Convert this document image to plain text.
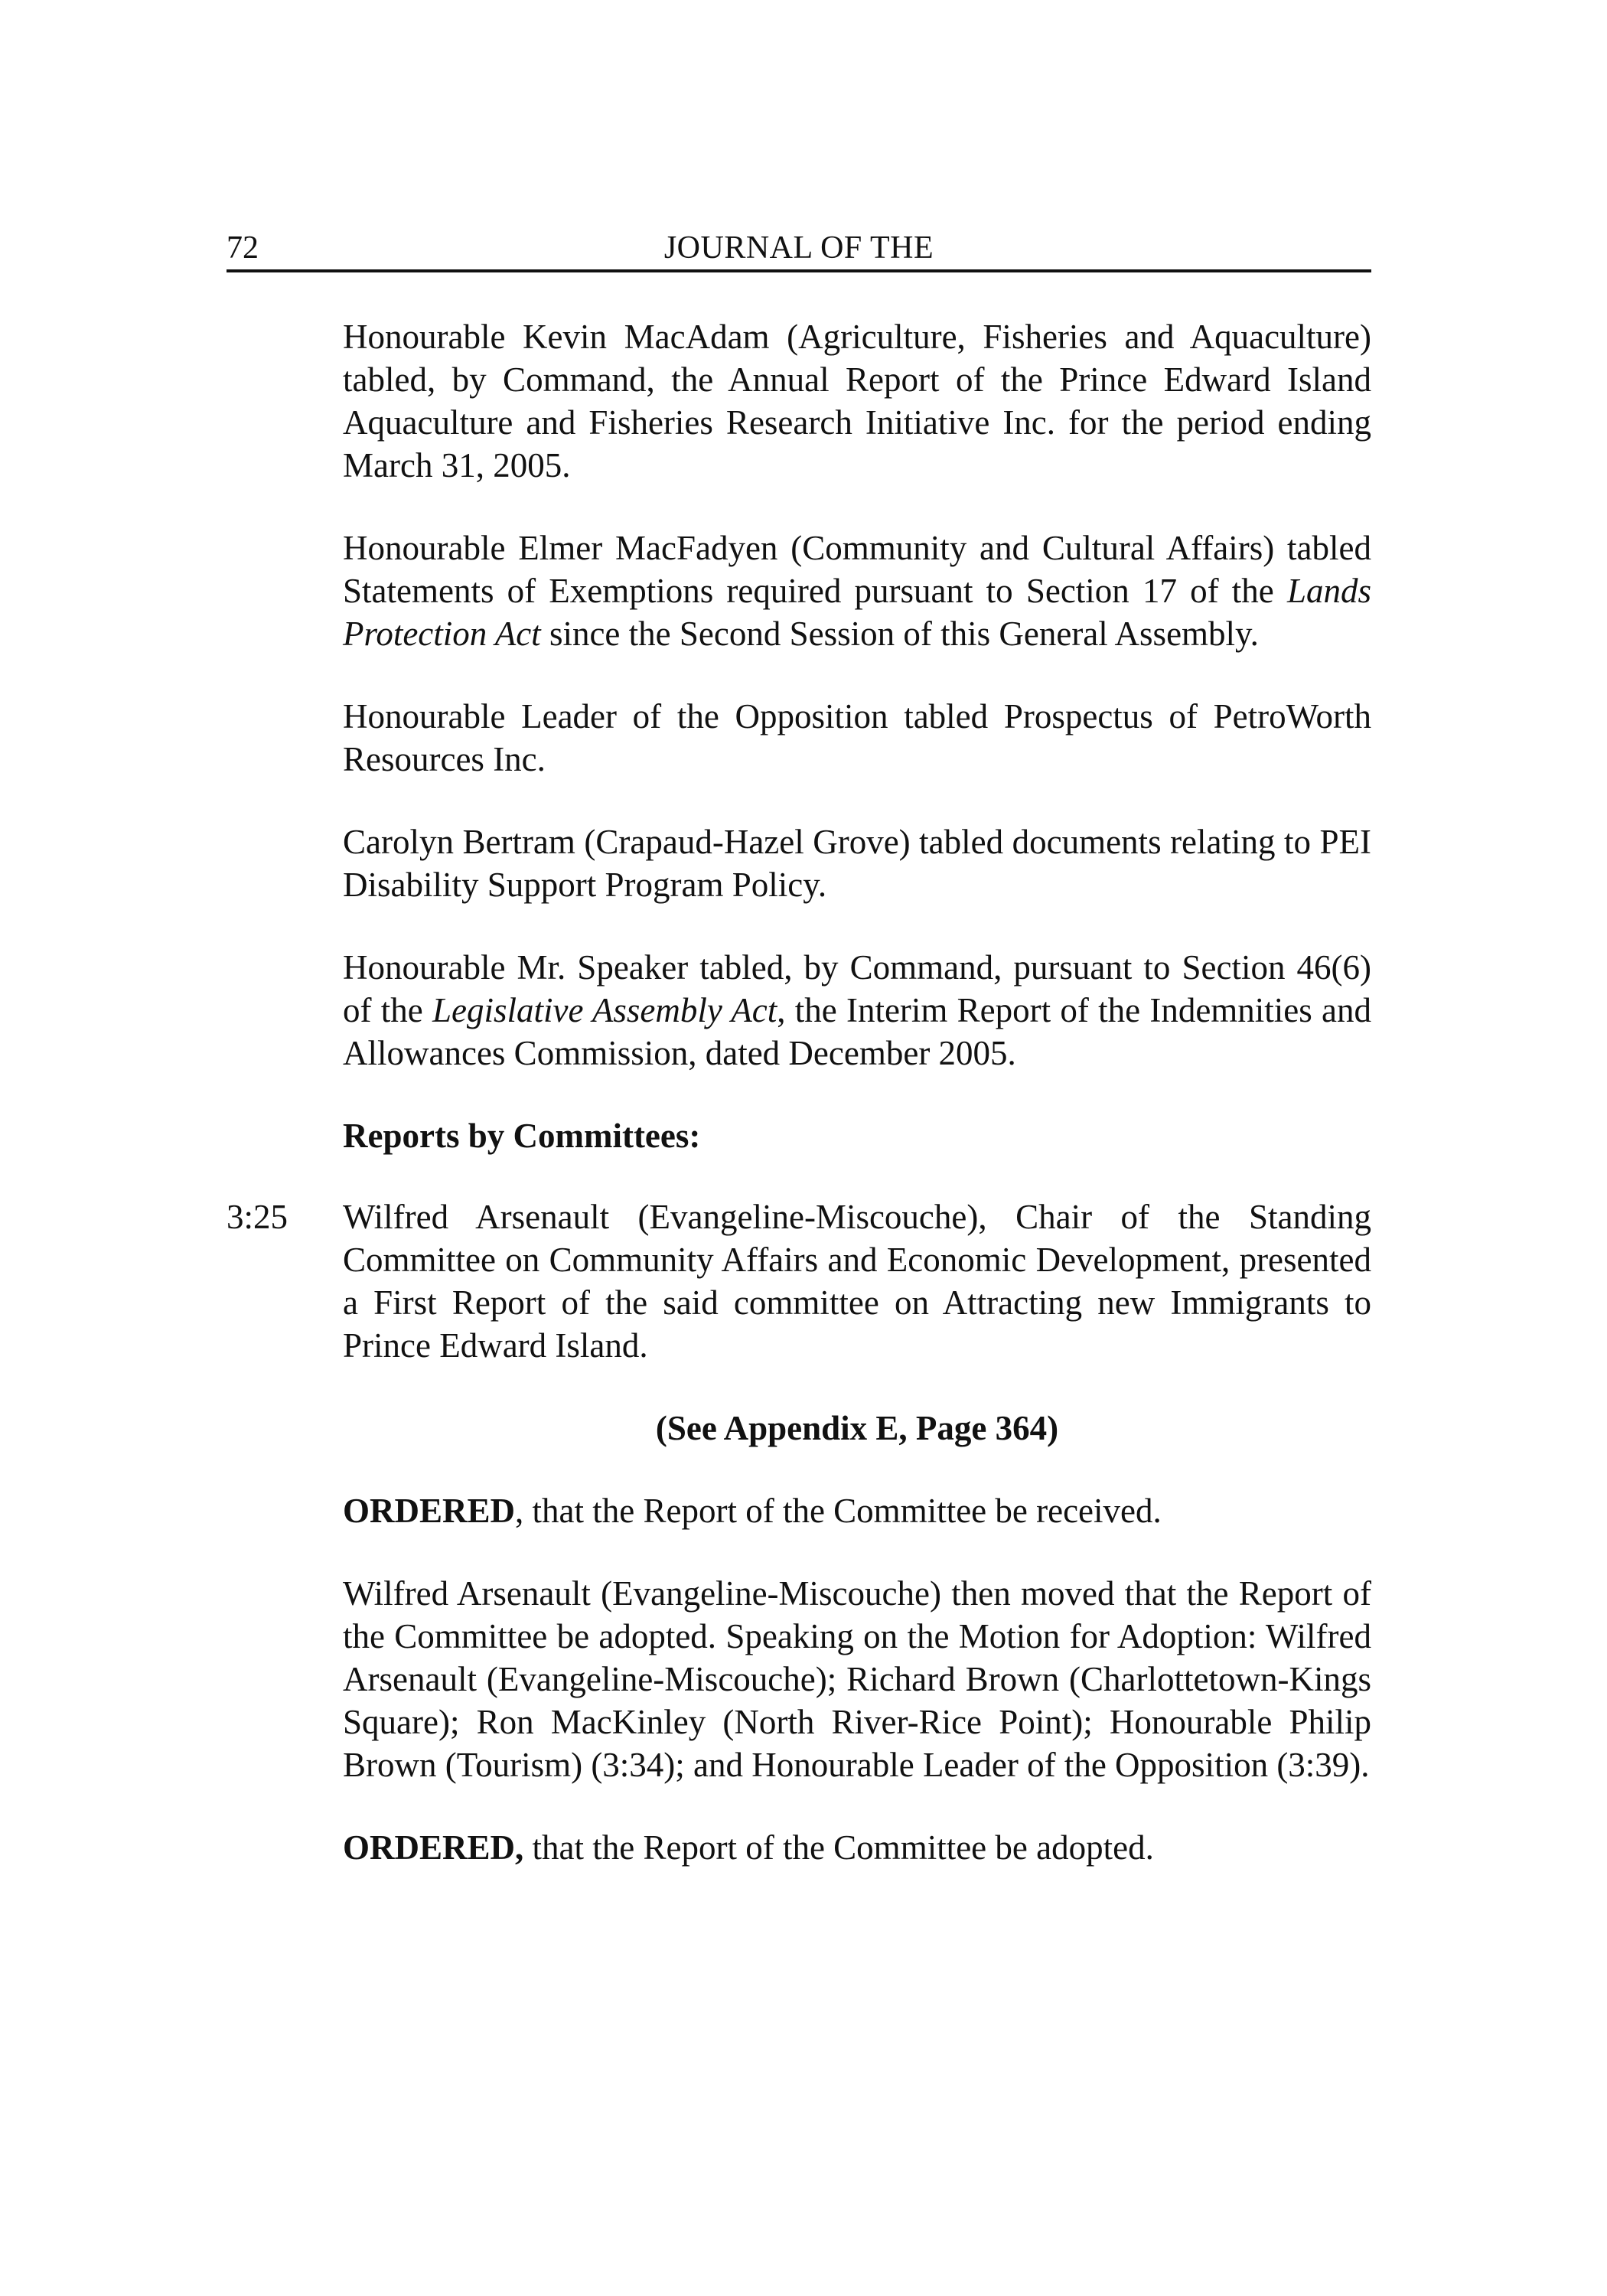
72	JOURNAL OF THE

Honourable Kevin MacAdam (Agriculture, Fisheries and Aquaculture) tabled, by Command, the Annual Report of the Prince Edward Island Aquaculture and Fisheries Research Initiative Inc. for the period ending March 31, 2005.

Honourable Elmer MacFadyen (Community and Cultural Affairs) tabled Statements of Exemptions required pursuant to Section 17 of the Lands Protection Act since the Second Session of this General Assembly.

Honourable Leader of the Opposition tabled Prospectus of PetroWorth Resources Inc.

Carolyn Bertram (Crapaud-Hazel Grove) tabled documents relating to PEI Disability Support Program Policy.

Honourable Mr. Speaker tabled, by Command, pursuant to Section 46(6) of the Legislative Assembly Act, the Interim Report of the Indemnities and Allowances Commission, dated December 2005.

Reports by Committees:

3:25 Wilfred Arsenault (Evangeline-Miscouche), Chair of the Standing Committee on Community Affairs and Economic Development, presented a First Report of the said committee on Attracting new Immigrants to Prince Edward Island.

(See Appendix E, Page 364)

ORDERED, that the Report of the Committee be received.

Wilfred Arsenault (Evangeline-Miscouche) then moved that the Report of the Committee be adopted. Speaking on the Motion for Adoption: Wilfred Arsenault (Evangeline-Miscouche); Richard Brown (Charlottetown-Kings Square); Ron MacKinley (North River-Rice Point); Honourable Philip Brown (Tourism) (3:34); and Honourable Leader of the Opposition (3:39).

ORDERED, that the Report of the Committee be adopted.
